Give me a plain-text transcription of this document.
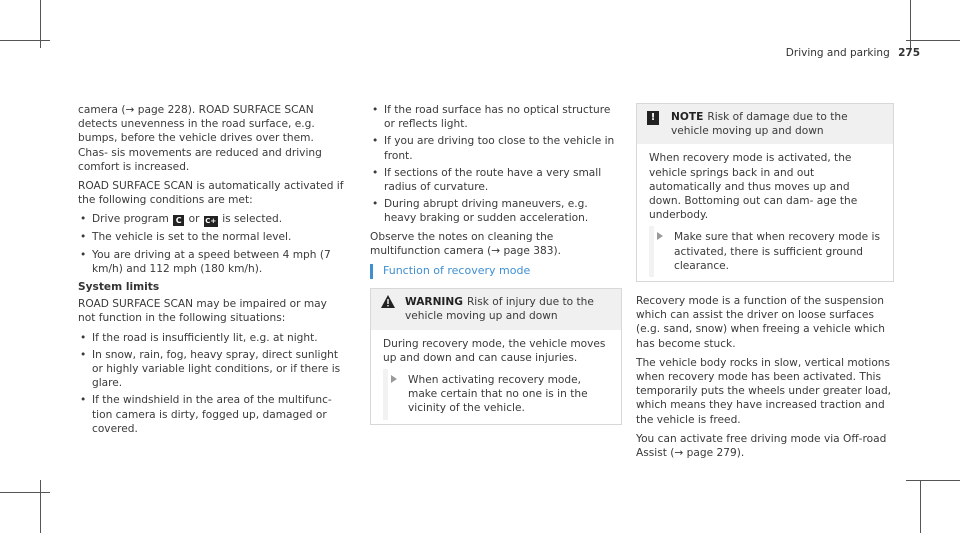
Driving and parking 275

camera (→ page 228). ROAD SURFACE SCAN detects unevenness in the road surface, e.g. bumps, before the vehicle drives over them. Chas- sis movements are reduced and driving comfort is increased.

ROAD SURFACE SCAN is automatically activated if the following conditions are met:

• Drive program C or C+ is selected.
• The vehicle is set to the normal level.
• You are driving at a speed between 4 mph (7 km/h) and 112 mph (180 km/h).
System limits

ROAD SURFACE SCAN may be impaired or may not function in the following situations:

• If the road is insufficiently lit, e.g. at night.
• In snow, rain, fog, heavy spray, direct sunlight or highly variable light conditions, or if there is glare.
• If the windshield in the area of the multifunc- tion camera is dirty, fogged up, damaged or covered.
• If the road surface has no optical structure or reflects light.
• If you are driving too close to the vehicle in front.
• If sections of the route have a very small radius of curvature.
• During abrupt driving maneuvers, e.g. heavy braking or sudden acceleration.

Observe the notes on cleaning the multifunction camera (→ page 383).

Function of recovery mode
WARNING Risk of injury due to the vehicle moving up and down
During recovery mode, the vehicle moves up and down and can cause injuries.
When activating recovery mode, make certain that no one is in the vicinity of the vehicle.
!	NOTE Risk of damage due to the vehicle moving up and down
When recovery mode is activated, the vehicle springs back in and out automatically and thus moves up and down. Bottoming out can dam- age the underbody.
Make sure that when recovery mode is activated, there is sufficient ground clearance.

Recovery mode is a function of the suspension which can assist the driver on loose surfaces (e.g. sand, snow) when freeing a vehicle which has become stuck.

The vehicle body rocks in slow, vertical motions when recovery mode has been activated. This temporarily puts the wheels under greater load, which means they have increased traction and the vehicle is freed.

You can activate free driving mode via Off-road Assist (→ page 279).
